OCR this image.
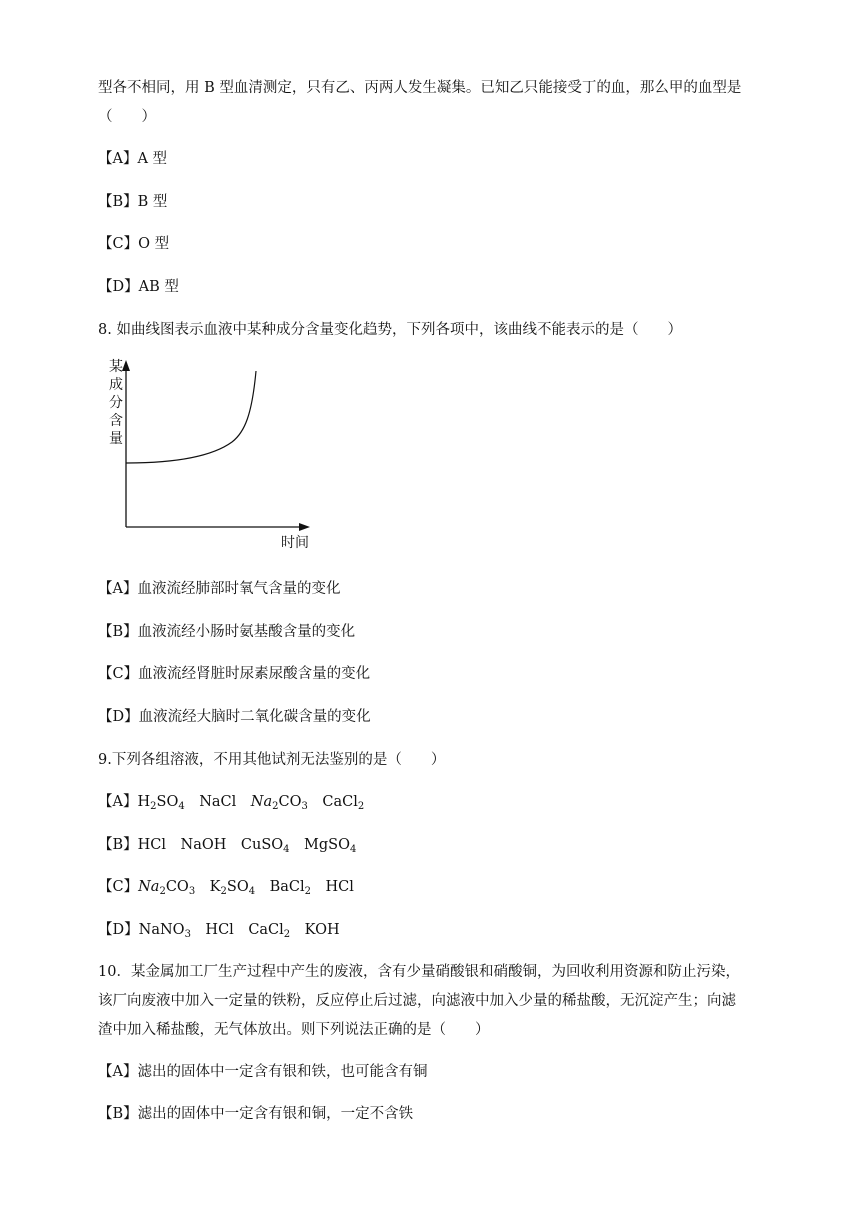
型各不相同，用 B 型血清测定，只有乙、丙两人发生凝集。已知乙只能接受丁的血，那么甲的血型是
（　　）
【A】A 型
【B】B 型
【C】O 型
【D】AB 型
8. 如曲线图表示血液中某种成分含量变化趋势，下列各项中，该曲线不能表示的是（　　）
某
成
分
含
量
时间
【A】血液流经肺部时氧气含量的变化
【B】血液流经小肠时氨基酸含量的变化
【C】血液流经肾脏时尿素尿酸含量的变化
【D】血液流经大脑时二氧化碳含量的变化
9.下列各组溶液，不用其他试剂无法鉴别的是（　　）
【A】$H_2SO_4$　NaCl　$Na_2CO_3$　CaCl$_2$
【B】HCl　NaOH　CuSO$_4$　MgSO$_4$
【C】$Na_2CO_3$　$K_2SO_4$　BaCl$_2$　HCl
【D】NaNO$_3$　HCl　CaCl$_2$　KOH
10．某金属加工厂生产过程中产生的废液，含有少量硝酸银和硝酸铜，为回收利用资源和防止污染，
该厂向废液中加入一定量的铁粉，反应停止后过滤，向滤液中加入少量的稀盐酸，无沉淀产生；向滤
渣中加入稀盐酸，无气体放出。则下列说法正确的是（　　）
【A】滤出的固体中一定含有银和铁，也可能含有铜
【B】滤出的固体中一定含有银和铜，一定不含铁
